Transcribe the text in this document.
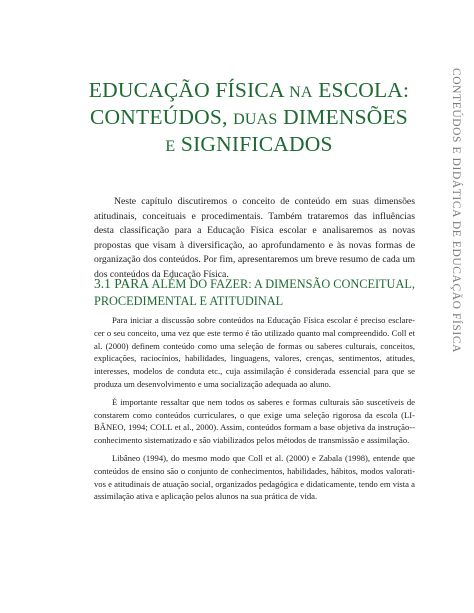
EDUCAÇÃO FÍSICA NA ESCOLA:
CONTEÚDOS, DUAS DIMENSÕES
E SIGNIFICADOS	CONTEÚDOS E DIDÁTICA DE EDUCAÇÃO FÍSICA

Neste capítulo discutiremos o conceito de conteúdo em suas dimensões atitudinais, conceituais e procedimentais. Também trataremos das influências desta classificação para a Educação Física escolar e analisaremos as novas propostas que visam à diversificação, ao aprofundamento e às novas formas de organização dos conteúdos. Por fim, apresentaremos um breve resumo de cada um dos conteúdos da Educação Física.

3.1 PARA ALÉM DO FAZER: A DIMENSÃO CONCEITUAL,
PROCEDIMENTAL E ATITUDINAL

Para iniciar a discussão sobre conteúdos na Educação Física escolar é preciso esclare-cer o seu conceito, uma vez que este termo é tão utilizado quanto mal compreendido. Coll et al. (2000) definem conteúdo como uma seleção de formas ou saberes culturais, conceitos, explicações, raciocínios, habilidades, linguagens, valores, crenças, sentimentos, atitudes, interesses, modelos de conduta etc., cuja assimilação é considerada essencial para que se produza um desenvolvimento e uma socialização adequada ao aluno.

É importante ressaltar que nem todos os saberes e formas culturais são suscetíveis de constarem como conteúdos curriculares, o que exige uma seleção rigorosa da escola (LI-BÂNEO, 1994; COLL et al., 2000). Assim, conteúdos formam a base objetiva da instrução--conhecimento sistematizado e são viabilizados pelos métodos de transmissão e assimilação.

Libâneo (1994), do mesmo modo que Coll et al. (2000) e Zabala (1998), entende que conteúdos de ensino são o conjunto de conhecimentos, habilidades, hábitos, modos valorati-vos e atitudinais de atuação social, organizados pedagógica e didaticamente, tendo em vista a assimilação ativa e aplicação pelos alunos na sua prática de vida.
